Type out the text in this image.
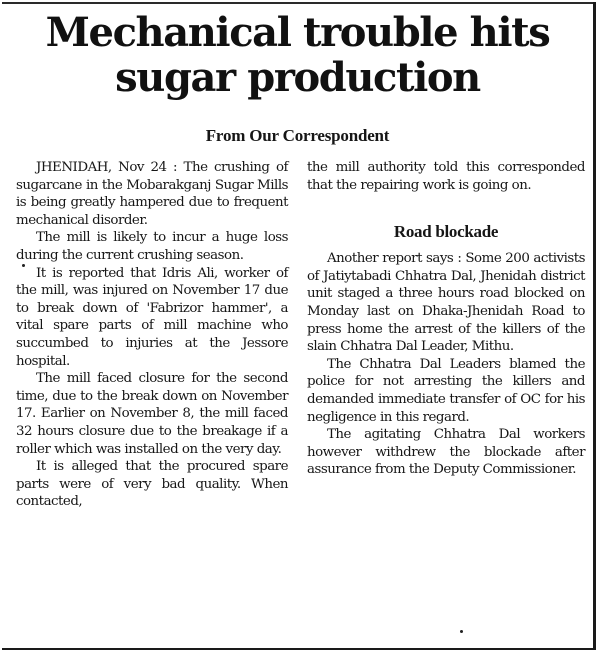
Mechanical trouble hits
sugar production
From Our Correspondent

JHENIDAH, Nov 24 : The crushing of sugarcane in the Mobarakganj Sugar Mills is being greatly hampered due to frequent mechanical disorder.

The mill is likely to incur a huge loss during the current crushing season.

It is reported that Idris Ali, worker of the mill, was injured on November 17 due to break down of 'Fabrizor hammer', a vital spare parts of mill machine who succumbed to injuries at the Jessore hospital.

The mill faced closure for the second time, due to the break down on November 17. Earlier on November 8, the mill faced 32 hours closure due to the breakage if a roller which was installed on the very day.

It is alleged that the procured spare parts were of very bad quality. When contacted,

the mill authority told this corresponded that the repairing work is going on.

Road blockade

Another report says : Some 200 activists of Jatiytabadi Chhatra Dal, Jhenidah district unit staged a three hours road blocked on Monday last on Dhaka-Jhenidah Road to press home the arrest of the killers of the slain Chhatra Dal Leader, Mithu.

The Chhatra Dal Leaders blamed the police for not arresting the killers and demanded immediate transfer of OC for his negligence in this regard.

The agitating Chhatra Dal workers however withdrew the blockade after assurance from the Deputy Commissioner.
